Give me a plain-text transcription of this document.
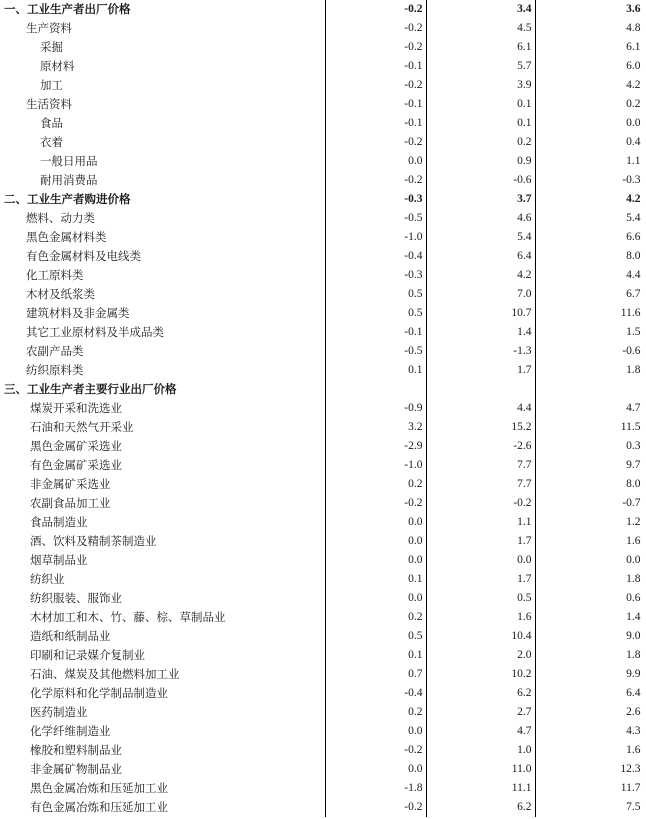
一、工业生产者出厂价格	-0.2	3.4	3.6
生产资料	-0.2	4.5	4.8
采掘	-0.2	6.1	6.1
原材料	-0.1	5.7	6.0
加工	-0.2	3.9	4.2
生活资料	-0.1	0.1	0.2
食品	-0.1	0.1	0.0
衣着	-0.2	0.2	0.4
一般日用品	0.0	0.9	1.1
耐用消费品	-0.2	-0.6	-0.3
二、工业生产者购进价格	-0.3	3.7	4.2
燃料、动力类	-0.5	4.6	5.4
黑色金属材料类	-1.0	5.4	6.6
有色金属材料及电线类	-0.4	6.4	8.0
化工原料类	-0.3	4.2	4.4
木材及纸浆类	0.5	7.0	6.7
建筑材料及非金属类	0.5	10.7	11.6
其它工业原材料及半成品类	-0.1	1.4	1.5
农副产品类	-0.5	-1.3	-0.6
纺织原料类	0.1	1.7	1.8
三、工业生产者主要行业出厂价格			
煤炭开采和洗选业	-0.9	4.4	4.7
石油和天然气开采业	3.2	15.2	11.5
黑色金属矿采选业	-2.9	-2.6	0.3
有色金属矿采选业	-1.0	7.7	9.7
非金属矿采选业	0.2	7.7	8.0
农副食品加工业	-0.2	-0.2	-0.7
食品制造业	0.0	1.1	1.2
酒、饮料及精制茶制造业	0.0	1.7	1.6
烟草制品业	0.0	0.0	0.0
纺织业	0.1	1.7	1.8
纺织服装、服饰业	0.0	0.5	0.6
木材加工和木、竹、藤、棕、草制品业	0.2	1.6	1.4
造纸和纸制品业	0.5	10.4	9.0
印刷和记录媒介复制业	0.1	2.0	1.8
石油、煤炭及其他燃料加工业	0.7	10.2	9.9
化学原料和化学制品制造业	-0.4	6.2	6.4
医药制造业	0.2	2.7	2.6
化学纤维制造业	0.0	4.7	4.3
橡胶和塑料制品业	-0.2	1.0	1.6
非金属矿物制品业	0.0	11.0	12.3
黑色金属冶炼和压延加工业	-1.8	11.1	11.7
有色金属冶炼和压延加工业	-0.2	6.2	7.5
